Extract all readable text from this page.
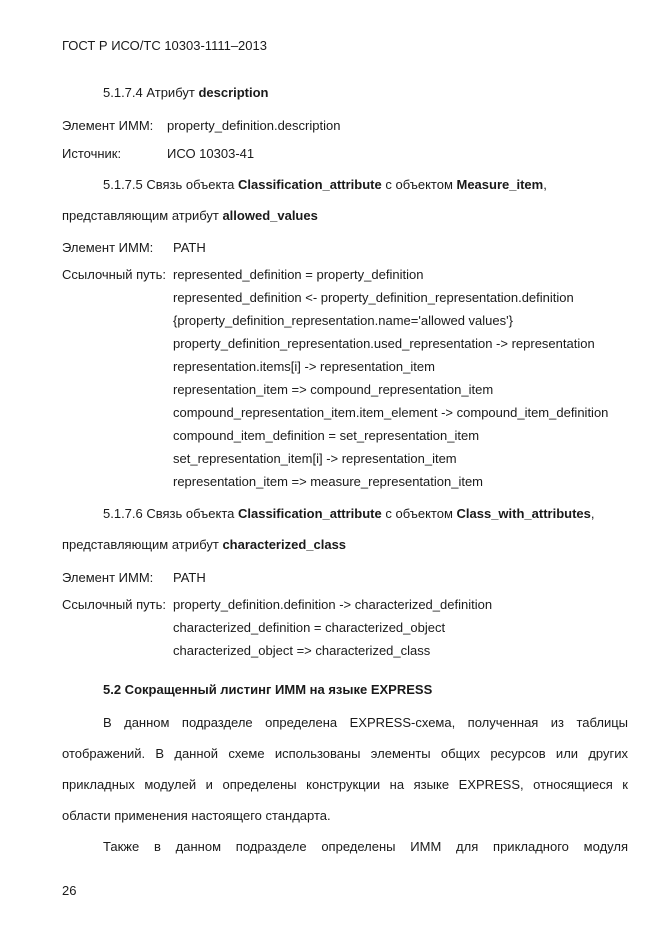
ГОСТ Р ИСО/ТС 10303-1111–2013
5.1.7.4 Атрибут description
Элемент ИММ: property_definition.description
Источник:	ИСО 10303-41
5.1.7.5 Связь объекта Classification_attribute с объектом Measure_item,
представляющим атрибут allowed_values
Элемент ИММ: PATH
Ссылочный путь: represented_definition = property_definition
represented_definition <- property_definition_representation.definition
{property_definition_representation.name='allowed values'}
property_definition_representation.used_representation -> representation
representation.items[i] -> representation_item
representation_item => compound_representation_item
compound_representation_item.item_element -> compound_item_definition
compound_item_definition = set_representation_item
set_representation_item[i] -> representation_item
representation_item => measure_representation_item
5.1.7.6 Связь объекта Classification_attribute с объектом Class_with_attributes,
представляющим атрибут characterized_class
Элемент ИММ: PATH
Ссылочный путь: property_definition.definition -> characterized_definition
characterized_definition = characterized_object
characterized_object => characterized_class
5.2 Сокращенный листинг ИММ на языке EXPRESS
В данном подразделе определена EXPRESS-схема, полученная из таблицы
отображений. В данной схеме использованы элементы общих ресурсов или других
прикладных модулей и определены конструкции на языке EXPRESS, относящиеся к
области применения настоящего стандарта.
Также в данном подразделе определены ИММ для прикладного модуля
26
